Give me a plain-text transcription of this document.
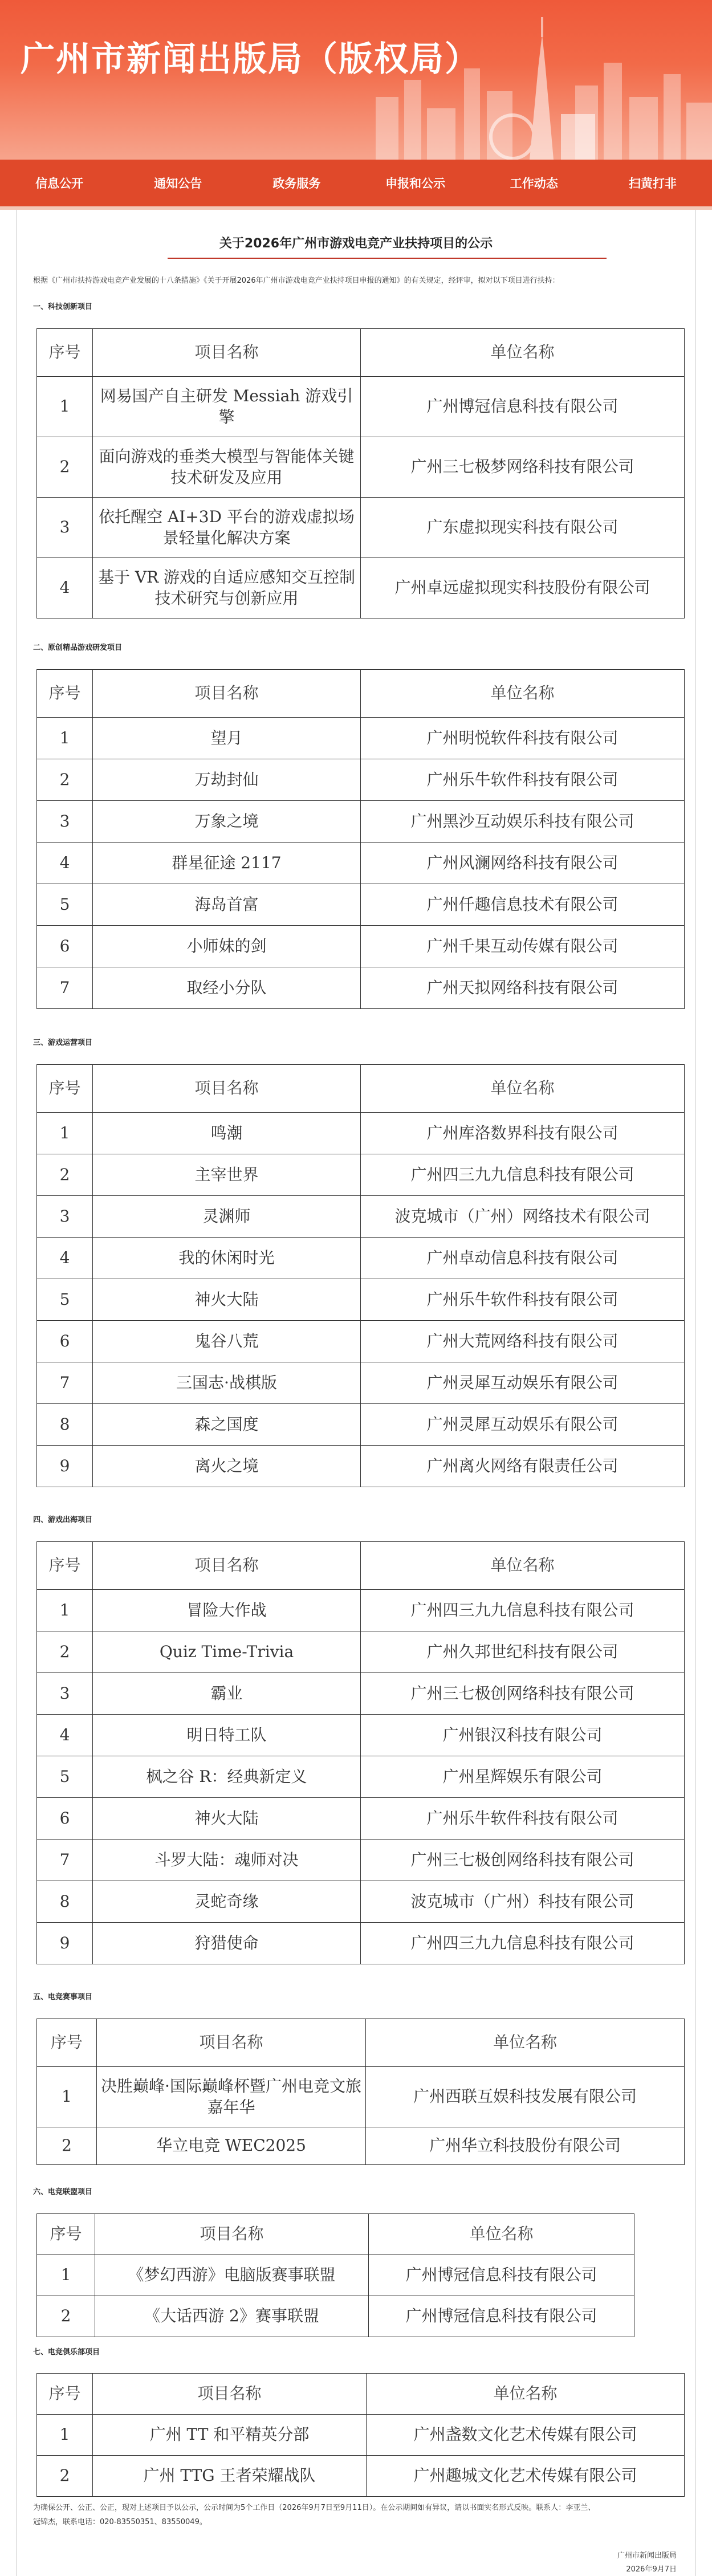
广州市新闻出版局（版权局）
信息公开	通知公告	政务服务	申报和公示	工作动态	扫黄打非
关于2026年广州市游戏电竞产业扶持项目的公示
根据《广州市扶持游戏电竞产业发展的十八条措施》《关于开展2026年广州市游戏电竞产业扶持项目申报的通知》的有关规定，经评审，拟对以下项目进行扶持：
一、科技创新项目
序号	项目名称	单位名称
1	网易国产自主研发 Messiah 游戏引擎	广州博冠信息科技有限公司
2	面向游戏的垂类大模型与智能体关键技术研发及应用	广州三七极梦网络科技有限公司
3	依托醒空 AI+3D 平台的游戏虚拟场景轻量化解决方案	广东虚拟现实科技有限公司
4	基于 VR 游戏的自适应感知交互控制技术研究与创新应用	广州卓远虚拟现实科技股份有限公司
二、原创精品游戏研发项目
序号	项目名称	单位名称
1	望月	广州明悦软件科技有限公司
2	万劫封仙	广州乐牛软件科技有限公司
3	万象之境	广州黑沙互动娱乐科技有限公司
4	群星征途 2117	广州风澜网络科技有限公司
5	海岛首富	广州仟趣信息技术有限公司
6	小师妹的剑	广州千果互动传媒有限公司
7	取经小分队	广州天拟网络科技有限公司
三、游戏运营项目
序号	项目名称	单位名称
1	鸣潮	广州库洛数界科技有限公司
2	主宰世界	广州四三九九信息科技有限公司
3	灵渊师	波克城市（广州）网络技术有限公司
4	我的休闲时光	广州卓动信息科技有限公司
5	神火大陆	广州乐牛软件科技有限公司
6	鬼谷八荒	广州大荒网络科技有限公司
7	三国志·战棋版	广州灵犀互动娱乐有限公司
8	森之国度	广州灵犀互动娱乐有限公司
9	离火之境	广州离火网络有限责任公司
四、游戏出海项目
序号	项目名称	单位名称
1	冒险大作战	广州四三九九信息科技有限公司
2	Quiz Time-Trivia	广州久邦世纪科技有限公司
3	霸业	广州三七极创网络科技有限公司
4	明日特工队	广州银汉科技有限公司
5	枫之谷 R：经典新定义	广州星辉娱乐有限公司
6	神火大陆	广州乐牛软件科技有限公司
7	斗罗大陆：魂师对决	广州三七极创网络科技有限公司
8	灵蛇奇缘	波克城市（广州）科技有限公司
9	狩猎使命	广州四三九九信息科技有限公司
五、电竞赛事项目
序号	项目名称	单位名称
1	决胜巅峰·国际巅峰杯暨广州电竞文旅嘉年华	广州西联互娱科技发展有限公司
2	华立电竞 WEC2025	广州华立科技股份有限公司
六、电竞联盟项目
序号	项目名称	单位名称
1	《梦幻西游》电脑版赛事联盟	广州博冠信息科技有限公司
2	《大话西游 2》赛事联盟	广州博冠信息科技有限公司
七、电竞俱乐部项目
序号	项目名称	单位名称
1	广州 TT 和平精英分部	广州盏数文化艺术传媒有限公司
2	广州 TTG 王者荣耀战队	广州趣城文化艺术传媒有限公司
为确保公开、公正、公正，现对上述项目予以公示，公示时间为5个工作日（2026年9月7日至9月11日）。在公示期间如有异议，请以书面实名形式反映。联系人：李亚兰、
冠锦杰，联系电话：020-83550351、83550049。
广州市新闻出版局
2026年9月7日
